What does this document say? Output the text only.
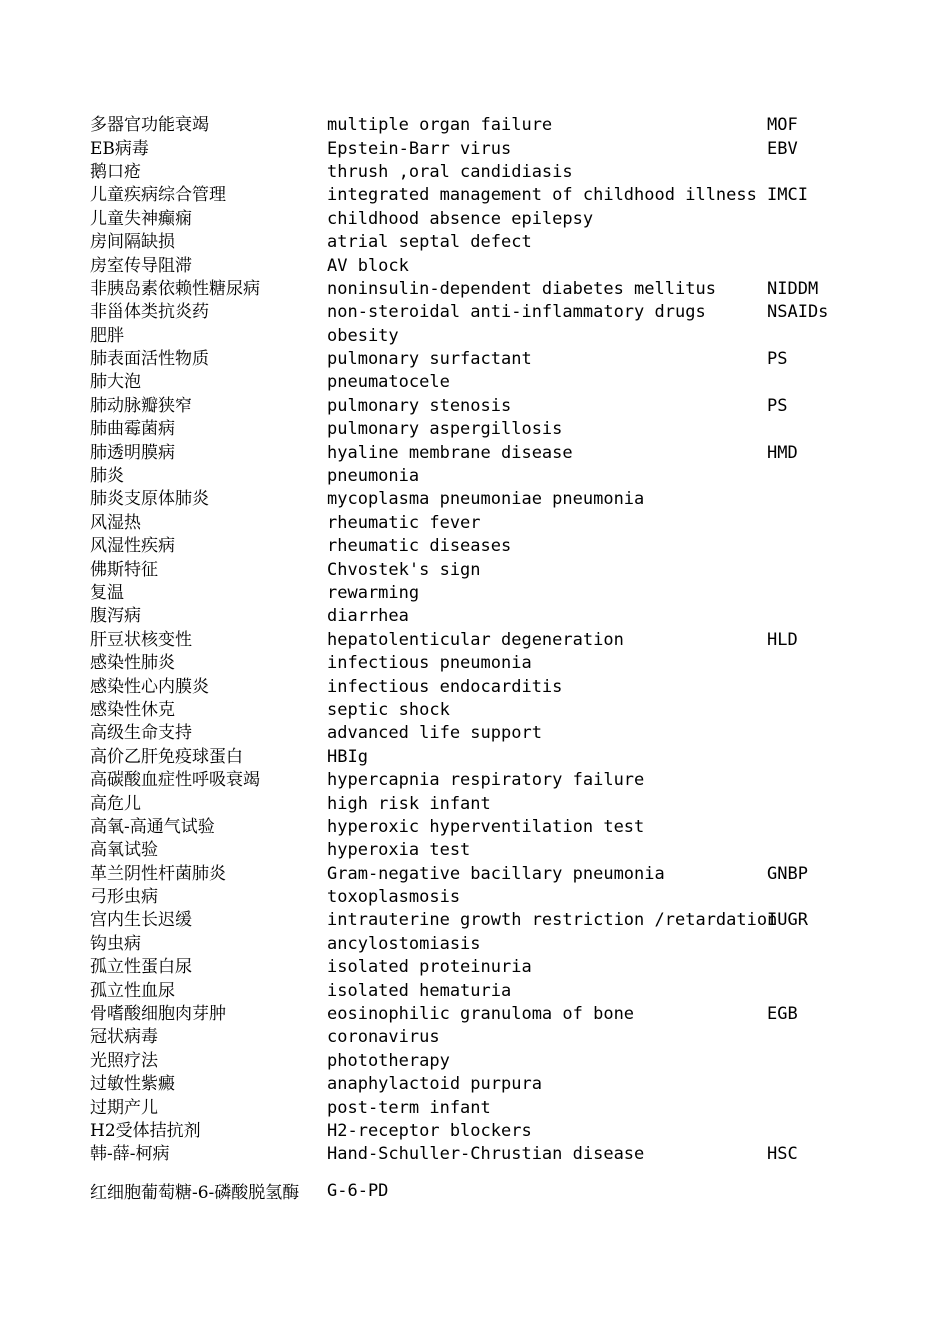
多器官功能衰竭	multiple organ failure	MOF
EB病毒	Epstein-Barr virus	EBV
鹅口疮	thrush ,oral candidiasis	
儿童疾病综合管理	integrated management of childhood illness	IMCI
儿童失神癫痫	childhood absence epilepsy	
房间隔缺损	atrial septal defect	
房室传导阻滞	AV block	
非胰岛素依赖性糖尿病	noninsulin-dependent diabetes mellitus	NIDDM
非甾体类抗炎药	non-steroidal anti-inflammatory drugs	NSAIDs
肥胖	obesity	
肺表面活性物质	pulmonary surfactant	PS
肺大泡	pneumatocele	
肺动脉瓣狭窄	pulmonary stenosis	PS
肺曲霉菌病	pulmonary aspergillosis	
肺透明膜病	hyaline membrane disease	HMD
肺炎	pneumonia	
肺炎支原体肺炎	mycoplasma pneumoniae pneumonia	
风湿热	rheumatic fever	
风湿性疾病	rheumatic diseases	
佛斯特征	Chvostek's sign	
复温	rewarming	
腹泻病	diarrhea	
肝豆状核变性	hepatolenticular degeneration	HLD
感染性肺炎	infectious pneumonia	
感染性心内膜炎	infectious endocarditis	
感染性休克	septic shock	
高级生命支持	advanced life support	
高价乙肝免疫球蛋白	HBIg	
高碳酸血症性呼吸衰竭	hypercapnia respiratory failure	
高危儿	high risk infant	
高氧-高通气试验	hyperoxic hyperventilation test	
高氧试验	hyperoxia test	
革兰阴性杆菌肺炎	Gram-negative bacillary pneumonia	GNBP
弓形虫病	toxoplasmosis	
宫内生长迟缓	intrauterine growth restriction /retardation	IUGR
钩虫病	ancylostomiasis	
孤立性蛋白尿	isolated proteinuria	
孤立性血尿	isolated hematuria	
骨嗜酸细胞肉芽肿	eosinophilic granuloma of bone	EGB
冠状病毒	coronavirus	
光照疗法	phototherapy	
过敏性紫癜	anaphylactoid purpura	
过期产儿	post-term infant	
H2受体拮抗剂	H2-receptor blockers	
韩-薛-柯病	Hand-Schuller-Chrustian disease	HSC
红细胞葡萄糖-6-磷酸脱氢酶	G-6-PD	
